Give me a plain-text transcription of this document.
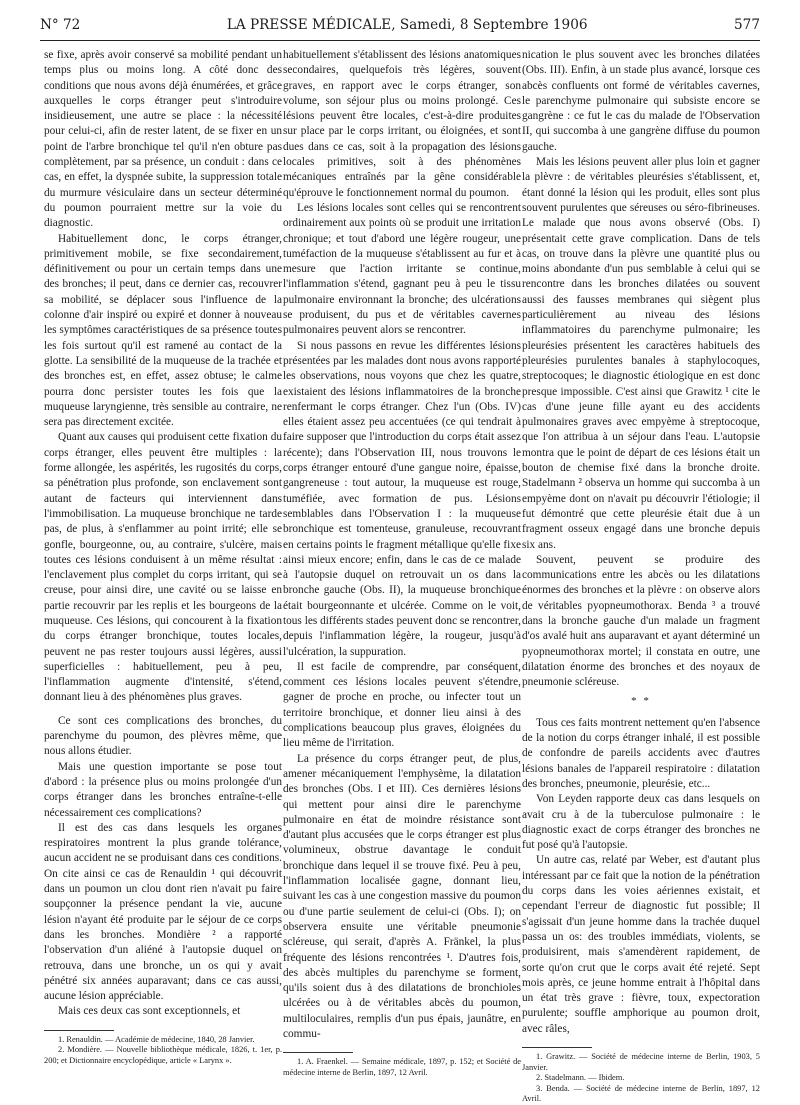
N° 72	LA PRESSE MÉDICALE, Samedi, 8 Septembre 1906	577

se fixe, après avoir conservé sa mobilité pendant un temps plus ou moins long. A côté donc des conditions que nous avons déjà énumérées, et grâce auxquelles le corps étranger peut s'introduire insidieusement, une autre se place : la nécessité pour celui-ci, afin de rester latent, de se fixer en un point de l'arbre bronchique tel qu'il n'en obture pas complètement, par sa présence, un conduit : dans ce cas, en effet, la dyspnée subite, la suppression totale du murmure vésiculaire dans un secteur déterminé du poumon pourraient mettre sur la voie du diagnostic.

Habituellement donc, le corps étranger, primitivement mobile, se fixe secondairement, définitivement ou pour un certain temps dans une des bronches; il peut, dans ce dernier cas, recouvrer sa mobilité, se déplacer sous l'influence de la colonne d'air inspiré ou expiré et donner à nouveau les symptômes caractéristiques de sa présence toutes les fois surtout qu'il est ramené au contact de la glotte. La sensibilité de la muqueuse de la trachée et des bronches est, en effet, assez obtuse; le calme pourra donc persister toutes les fois que la muqueuse laryngienne, très sensible au contraire, ne sera pas directement excitée.

Quant aux causes qui produisent cette fixation du corps étranger, elles peuvent être multiples : la forme allongée, les aspérités, les rugosités du corps, sa pénétration plus profonde, son enclavement sont autant de facteurs qui interviennent dans l'immobilisation. La muqueuse bronchique ne tarde pas, de plus, à s'enflammer au point irrité; elle se gonfle, bourgeonne, ou, au contraire, s'ulcère, mais toutes ces lésions conduisent à un même résultat : l'enclavement plus complet du corps irritant, qui se creuse, pour ainsi dire, une cavité ou se laisse en partie recouvrir par les replis et les bourgeons de la muqueuse. Ces lésions, qui concourent à la fixation du corps étranger bronchique, toutes locales, peuvent ne pas rester toujours aussi légères, aussi superficielles : habituellement, peu à peu, l'inflammation augmente d'intensité, s'étend, donnant lieu à des phénomènes plus graves.

Ce sont ces complications des bronches, du parenchyme du poumon, des plèvres même, que nous allons étudier.

Mais une question importante se pose tout d'abord : la présence plus ou moins prolongée d'un corps étranger dans les bronches entraîne-t-elle nécessairement ces complications?

Il est des cas dans lesquels les organes respiratoires montrent la plus grande tolérance, aucun accident ne se produisant dans ces conditions. On cite ainsi ce cas de Renauldin ¹ qui découvrit dans un poumon un clou dont rien n'avait pu faire soupçonner la présence pendant la vie, aucune lésion n'ayant été produite par le séjour de ce corps dans les bronches. Mondière ² a rapporté l'observation d'un aliéné à l'autopsie duquel on retrouva, dans une bronche, un os qui y avait pénétré six années auparavant; dans ce cas aussi, aucune lésion appréciable.

Mais ces deux cas sont exceptionnels, et

1. Renauldin. — Académie de médecine, 1840, 28 Janvier.

2. Mondière. — Nouvelle bibliothèque médicale, 1826, t. 1er, p. 200; et Dictionnaire encyclopédique, article « Larynx ».

habituellement s'établissent des lésions anatomiques secondaires, quelquefois très légères, souvent graves, en rapport avec le corps étranger, son volume, son séjour plus ou moins prolongé. Ces lésions peuvent être locales, c'est-à-dire produites sur place par le corps irritant, ou éloignées, et sont dues dans ce cas, soit à la propagation des lésions locales primitives, soit à des phénomènes mécaniques entraînés par la gêne considérable qu'éprouve le fonctionnement normal du poumon.

Les lésions locales sont celles qui se rencontrent ordinairement aux points où se produit une irritation chronique; et tout d'abord une légère rougeur, une tuméfaction de la muqueuse s'établissent au fur et à mesure que l'action irritante se continue, l'inflammation s'étend, gagnant peu à peu le tissu pulmonaire environnant la bronche; des ulcérations se produisent, du pus et de véritables cavernes pulmonaires peuvent alors se rencontrer.

Si nous passons en revue les différentes lésions présentées par les malades dont nous avons rapporté les observations, nous voyons que chez les quatre, existaient des lésions inflammatoires de la bronche renfermant le corps étranger. Chez l'un (Obs. IV) elles étaient assez peu accentuées (ce qui tendrait à faire supposer que l'introduction du corps était assez récente); dans l'Observation III, nous trouvons le corps étranger entouré d'une gangue noire, épaisse, gangreneuse : tout autour, la muqueuse est rouge, tuméfiée, avec formation de pus. Lésions semblables dans l'Observation I : la muqueuse bronchique est tomenteuse, granuleuse, recouvrant en certains points le fragment métallique qu'elle fixe ainsi mieux encore; enfin, dans le cas de ce malade à l'autopsie duquel on retrouvait un os dans la bronche gauche (Obs. II), la muqueuse bronchique était bourgeonnante et ulcérée. Comme on le voit, tous les différents stades peuvent donc se rencontrer, depuis l'inflammation légère, la rougeur, jusqu'à l'ulcération, la suppuration.

Il est facile de comprendre, par conséquent, comment ces lésions locales peuvent s'étendre, gagner de proche en proche, ou infecter tout un territoire bronchique, et donner lieu ainsi à des complications beaucoup plus graves, éloignées du lieu même de l'irritation.

La présence du corps étranger peut, de plus, amener mécaniquement l'emphysème, la dilatation des bronches (Obs. I et III). Ces dernières lésions qui mettent pour ainsi dire le parenchyme pulmonaire en état de moindre résistance sont d'autant plus accusées que le corps étranger est plus volumineux, obstrue davantage le conduit bronchique dans lequel il se trouve fixé. Peu à peu, l'inflammation localisée gagne, donnant lieu, suivant les cas à une congestion massive du poumon ou d'une partie seulement de celui-ci (Obs. I); on observera ensuite une véritable pneumonie scléreuse, qui serait, d'après A. Fränkel, la plus fréquente des lésions rencontrées ¹. D'autres fois, des abcès multiples du parenchyme se forment, qu'ils soient dus à des dilatations de bronchioles ulcérées ou à de véritables abcès du poumon, multiloculaires, remplis d'un pus épais, jaunâtre, en commu-

1. A. Fraenkel. — Semaine médicale, 1897, p. 152; et Société de médecine interne de Berlin, 1897, 12 Avril.

nication le plus souvent avec les bronches dilatées (Obs. III). Enfin, à un stade plus avancé, lorsque ces abcès confluents ont formé de véritables cavernes, le parenchyme pulmonaire qui subsiste encore se gangrène : ce fut le cas du malade de l'Observation II, qui succomba à une gangrène diffuse du poumon gauche.

Mais les lésions peuvent aller plus loin et gagner la plèvre : de véritables pleurésies s'établissent, et, étant donné la lésion qui les produit, elles sont plus souvent purulentes que séreuses ou séro-fibrineuses. Le malade que nous avons observé (Obs. I) présentait cette grave complication. Dans de tels cas, on trouve dans la plèvre une quantité plus ou moins abondante d'un pus semblable à celui qui se rencontre dans les bronches dilatées ou souvent aussi des fausses membranes qui siègent plus particulièrement au niveau des lésions inflammatoires du parenchyme pulmonaire; les pleurésies présentent les caractères habituels des pleurésies purulentes banales à staphylocoques, streptocoques; le diagnostic étiologique en est donc presque impossible. C'est ainsi que Grawitz ¹ cite le cas d'une jeune fille ayant eu des accidents pulmonaires graves avec empyème à streptocoque, que l'on attribua à un séjour dans l'eau. L'autopsie montra que le point de départ de ces lésions était un bouton de chemise fixé dans la bronche droite. Stadelmann ² observa un homme qui succomba à un empyème dont on n'avait pu découvrir l'étiologie; il fut démontré que cette pleurésie était due à un fragment osseux engagé dans une bronche depuis six ans.

Souvent, peuvent se produire des communications entre les abcès ou les dilatations énormes des bronches et la plèvre : on observe alors de véritables pyopneumothorax. Benda ³ a trouvé dans la bronche gauche d'un malade un fragment d'os avalé huit ans auparavant et ayant déterminé un pyopneumothorax mortel; il constata en outre, une dilatation énorme des bronches et des noyaux de pneumonie scléreuse.

* *

Tous ces faits montrent nettement qu'en l'absence de la notion du corps étranger inhalé, il est possible de confondre de pareils accidents avec d'autres lésions banales de l'appareil respiratoire : dilatation des bronches, pneumonie, pleurésie, etc...

Von Leyden rapporte deux cas dans lesquels on avait cru à de la tuberculose pulmonaire : le diagnostic exact de corps étranger des bronches ne fut posé qu'à l'autopsie.

Un autre cas, relaté par Weber, est d'autant plus intéressant par ce fait que la notion de la pénétration du corps dans les voies aériennes existait, et cependant l'erreur de diagnostic fut possible; Il s'agissait d'un jeune homme dans la trachée duquel passa un os: des troubles immédiats, violents, se produisirent, mais s'amendèrent rapidement, de sorte qu'on crut que le corps avait été rejeté. Sept mois après, ce jeune homme entrait à l'hôpital dans un état très grave : fièvre, toux, expectoration purulente; souffle amphorique au poumon droit, avec râles,

1. Grawitz. — Société de médecine interne de Berlin, 1903, 5 Janvier.

2. Stadelmann. — Ibidem.

3. Benda. — Société de médecine interne de Berlin, 1897, 12 Avril.
